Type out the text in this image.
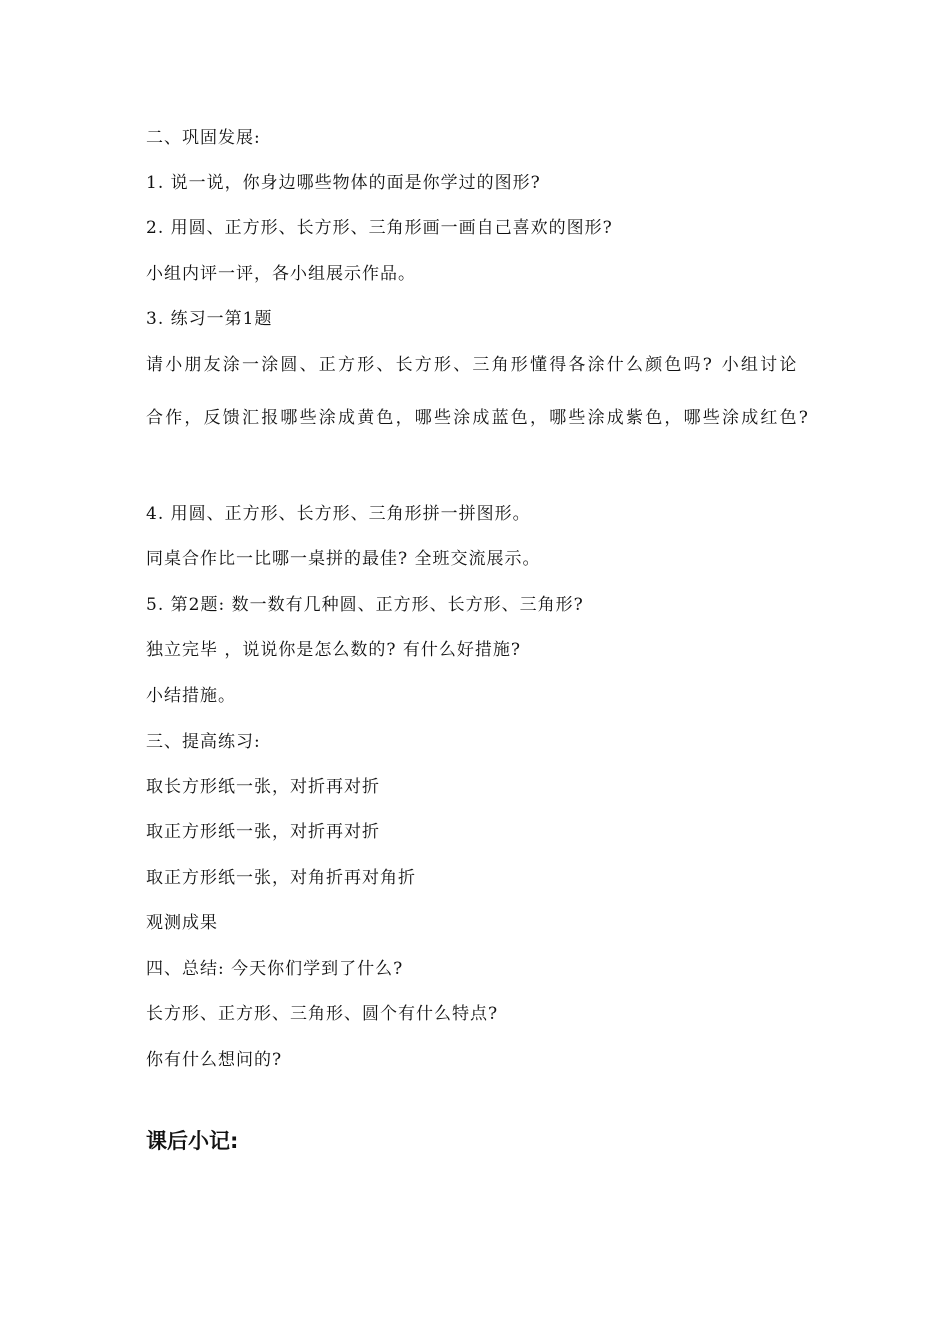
二、巩固发展:
1. 说一说，你身边哪些物体的面是你学过的图形?
2. 用圆、正方形、长方形、三角形画一画自己喜欢的图形?
小组内评一评，各小组展示作品。
3. 练习一第1题
请小朋友涂一涂圆、正方形、长方形、三角形懂得各涂什么颜色吗? 小组讨论
合作，反馈汇报哪些涂成黄色，哪些涂成蓝色，哪些涂成紫色，哪些涂成红色?
4. 用圆、正方形、长方形、三角形拼一拼图形。
同桌合作比一比哪一桌拼的最佳? 全班交流展示。
5. 第2题: 数一数有几种圆、正方形、长方形、三角形?
独立完毕 ，说说你是怎么数的? 有什么好措施?
小结措施。
三、提高练习:
取长方形纸一张，对折再对折
取正方形纸一张，对折再对折
取正方形纸一张，对角折再对角折
观测成果
四、总结: 今天你们学到了什么?
长方形、正方形、三角形、圆个有什么特点?
你有什么想问的?
课后小记:
